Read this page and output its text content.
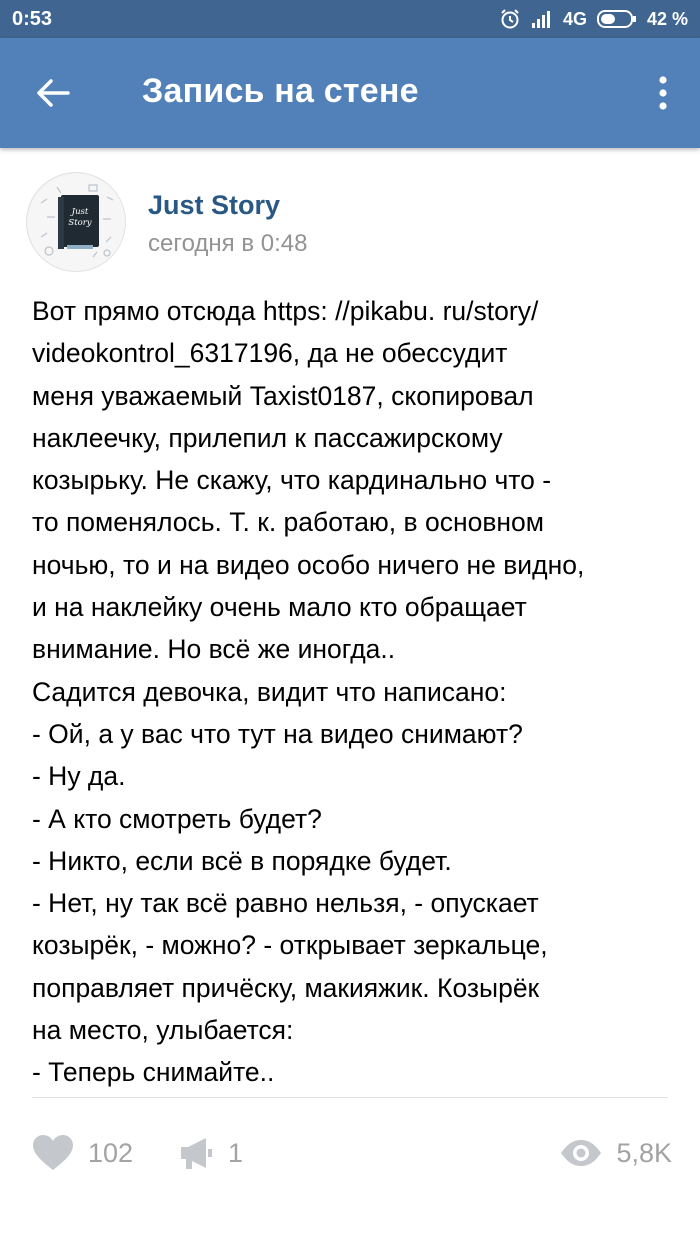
0:53	4G	42 %
Запись на стене
Just
Story
Just Story
сегодня в 0:48
Вот прямо отсюда https: //pikabu. ru/story/
videokontrol_6317196, да не обессудит
меня уважаемый Taxist0187, скопировал
наклеечку, прилепил к пассажирскому
козырьку. Не скажу, что кардинально что -
то поменялось. Т. к. работаю, в основном
ночью, то и на видео особо ничего не видно,
и на наклейку очень мало кто обращает
внимание. Но всё же иногда..
Садится девочка, видит что написано:
- Ой, а у вас что тут на видео снимают?
- Ну да.
- А кто смотреть будет?
- Никто, если всё в порядке будет.
- Нет, ну так всё равно нельзя, - опускает
козырёк, - можно? - открывает зеркальце,
поправляет причёску, макияжик. Козырёк
на место, улыбается:
- Теперь снимайте..
102	1	5,8K
